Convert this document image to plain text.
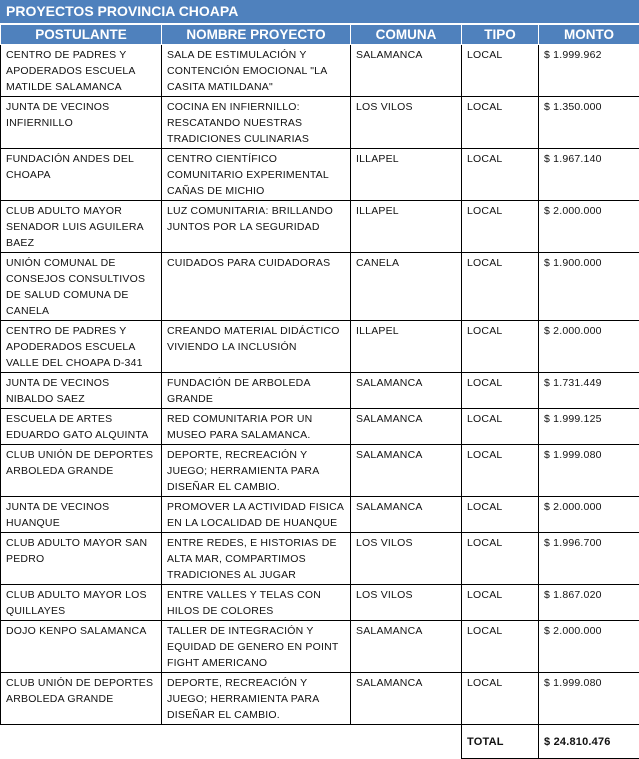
PROYECTOS PROVINCIA CHOAPA
POSTULANTE	NOMBRE PROYECTO	COMUNA	TIPO	MONTO
CENTRO DE PADRES Y APODERADOS ESCUELA MATILDE SALAMANCA	SALA DE ESTIMULACIÓN Y CONTENCIÓN EMOCIONAL "LA CASITA MATILDANA"	SALAMANCA	LOCAL	$ 1.999.962
JUNTA DE VECINOS INFIERNILLO	COCINA EN INFIERNILLO: RESCATANDO NUESTRAS TRADICIONES CULINARIAS	LOS VILOS	LOCAL	$ 1.350.000
FUNDACIÓN ANDES DEL CHOAPA	CENTRO CIENTÍFICO COMUNITARIO EXPERIMENTAL CAÑAS DE MICHIO	ILLAPEL	LOCAL	$ 1.967.140
CLUB ADULTO MAYOR SENADOR LUIS AGUILERA BAEZ	LUZ COMUNITARIA: BRILLANDO JUNTOS POR LA SEGURIDAD	ILLAPEL	LOCAL	$ 2.000.000
UNIÓN COMUNAL DE CONSEJOS CONSULTIVOS DE SALUD COMUNA DE CANELA	CUIDADOS PARA CUIDADORAS	CANELA	LOCAL	$ 1.900.000
CENTRO DE PADRES Y APODERADOS ESCUELA VALLE DEL CHOAPA D-341	CREANDO MATERIAL DIDÁCTICO VIVIENDO LA INCLUSIÓN	ILLAPEL	LOCAL	$ 2.000.000
JUNTA DE VECINOS NIBALDO SAEZ	FUNDACIÓN DE ARBOLEDA GRANDE	SALAMANCA	LOCAL	$ 1.731.449
ESCUELA DE ARTES EDUARDO GATO ALQUINTA	RED COMUNITARIA POR UN MUSEO PARA SALAMANCA.	SALAMANCA	LOCAL	$ 1.999.125
CLUB UNIÓN DE DEPORTES ARBOLEDA GRANDE	DEPORTE, RECREACIÓN Y JUEGO; HERRAMIENTA PARA DISEÑAR EL CAMBIO.	SALAMANCA	LOCAL	$ 1.999.080
JUNTA DE VECINOS HUANQUE	PROMOVER LA ACTIVIDAD FISICA EN LA LOCALIDAD DE HUANQUE	SALAMANCA	LOCAL	$ 2.000.000
CLUB ADULTO MAYOR SAN PEDRO	ENTRE REDES, E HISTORIAS DE ALTA MAR, COMPARTIMOS TRADICIONES AL JUGAR	LOS VILOS	LOCAL	$ 1.996.700
CLUB ADULTO MAYOR LOS QUILLAYES	ENTRE VALLES Y TELAS CON HILOS DE COLORES	LOS VILOS	LOCAL	$ 1.867.020
DOJO KENPO SALAMANCA	TALLER DE INTEGRACIÓN Y EQUIDAD DE GENERO EN POINT FIGHT AMERICANO	SALAMANCA	LOCAL	$ 2.000.000
CLUB UNIÓN DE DEPORTES ARBOLEDA GRANDE	DEPORTE, RECREACIÓN Y JUEGO; HERRAMIENTA PARA DISEÑAR EL CAMBIO.	SALAMANCA	LOCAL	$ 1.999.080
			TOTAL	$ 24.810.476
